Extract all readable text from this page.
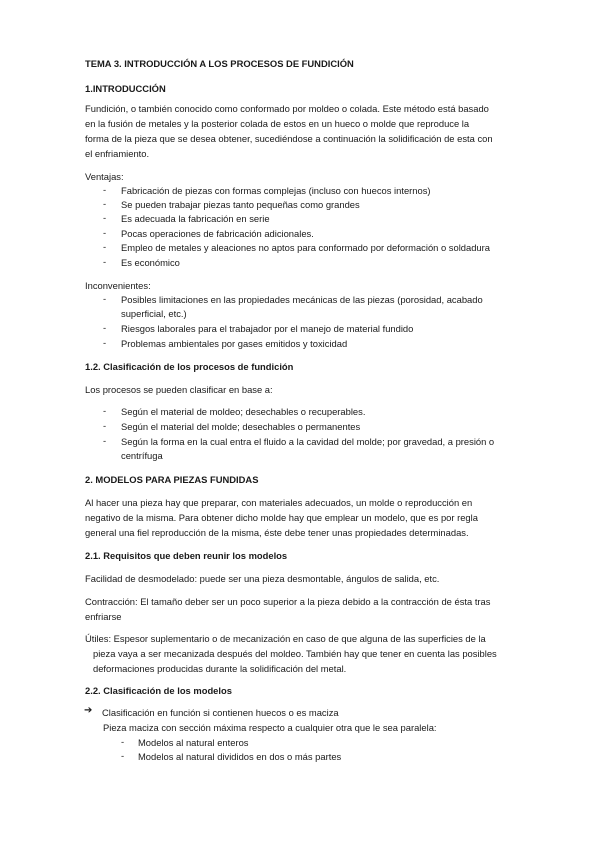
TEMA 3. INTRODUCCIÓN A LOS PROCESOS DE FUNDICIÓN
1.INTRODUCCIÓN
Fundición, o también conocido como conformado por moldeo o colada. Este método está basado
en la fusión de metales y la posterior colada de estos en un hueco o molde que reproduce la
forma de la pieza que se desea obtener, sucediéndose a continuación la solidificación de esta con
el enfriamiento.
Ventajas:
- Fabricación de piezas con formas complejas (incluso con huecos internos)
- Se pueden trabajar piezas tanto pequeñas como grandes
- Es adecuada la fabricación en serie
- Pocas operaciones de fabricación adicionales.
- Empleo de metales y aleaciones no aptos para conformado por deformación o soldadura
- Es económico
Inconvenientes:
- Posibles limitaciones en las propiedades mecánicas de las piezas (porosidad, acabado
superficial, etc.)
- Riesgos laborales para el trabajador por el manejo de material fundido
- Problemas ambientales por gases emitidos y toxicidad
1.2. Clasificación de los procesos de fundición
Los procesos se pueden clasificar en base a:
- Según el material de moldeo; desechables o recuperables.
- Según el material del molde; desechables o permanentes
- Según la forma en la cual entra el fluido a la cavidad del molde; por gravedad, a presión o
centrífuga
2. MODELOS PARA PIEZAS FUNDIDAS
Al hacer una pieza hay que preparar, con materiales adecuados, un molde o reproducción en
negativo de la misma. Para obtener dicho molde hay que emplear un modelo, que es por regla
general una fiel reproducción de la misma, éste debe tener unas propiedades determinadas.
2.1. Requisitos que deben reunir los modelos
Facilidad de desmodelado: puede ser una pieza desmontable, ángulos de salida, etc.
Contracción: El tamaño deber ser un poco superior a la pieza debido a la contracción de ésta tras
enfriarse
Útiles: Espesor suplementario o de mecanización en caso de que alguna de las superficies de la
pieza vaya a ser mecanizada después del moldeo. También hay que tener en cuenta las posibles
deformaciones producidas durante la solidificación del metal.
2.2. Clasificación de los modelos
➔ Clasificación en función si contienen huecos o es maciza
Pieza maciza con sección máxima respecto a cualquier otra que le sea paralela:
- Modelos al natural enteros
- Modelos al natural divididos en dos o más partes
